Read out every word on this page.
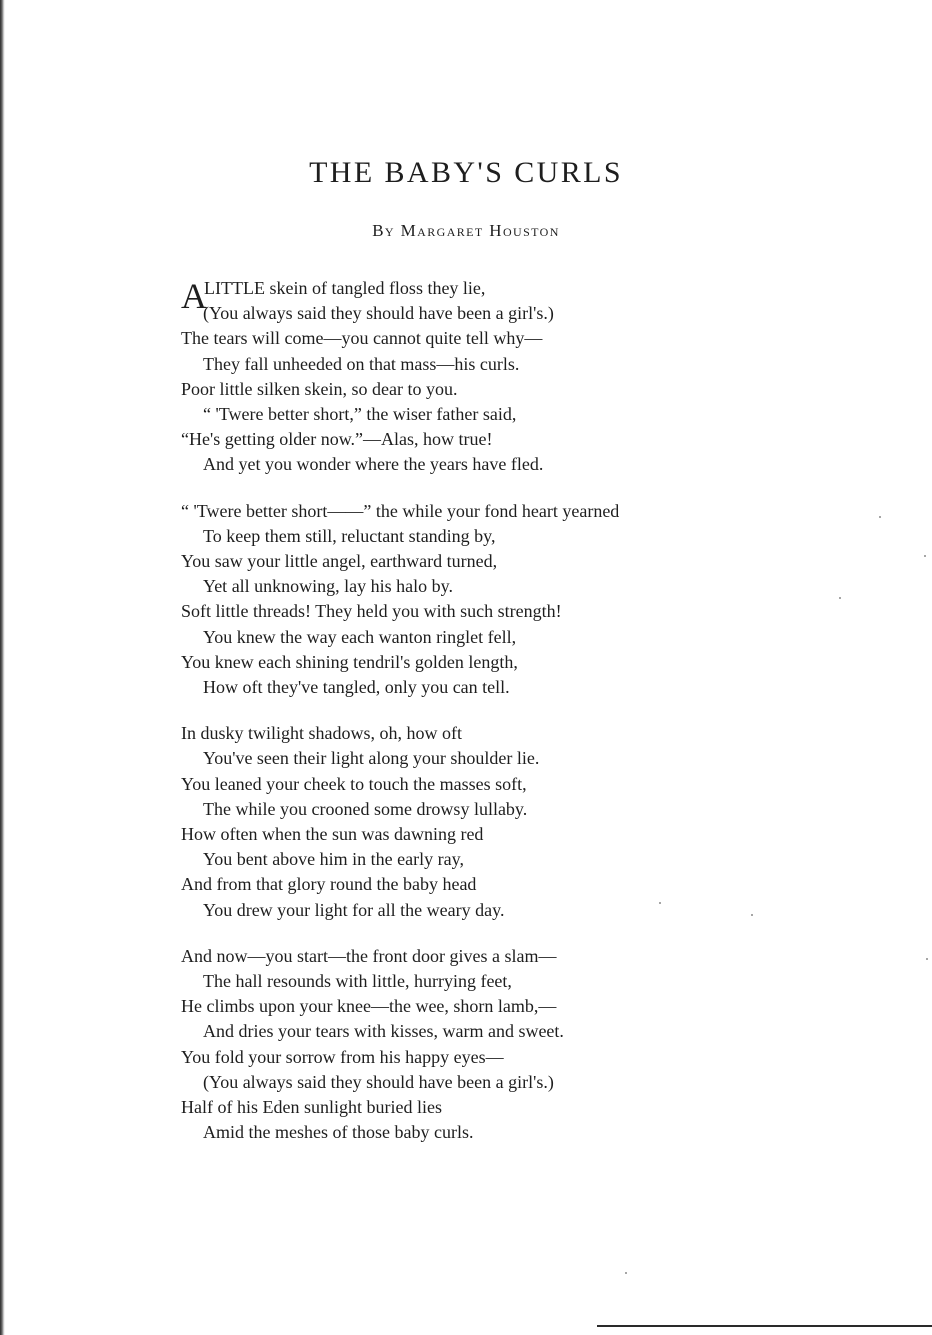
THE BABY'S CURLS
By Margaret Houston
A
LITTLE skein of tangled floss they lie,
(You always said they should have been a girl's.)
The tears will come—you cannot quite tell why—
They fall unheeded on that mass—his curls.
Poor little silken skein, so dear to you.
“ 'Twere better short,” the wiser father said,
“He's getting older now.”—Alas, how true!
And yet you wonder where the years have fled.
“ 'Twere better short——” the while your fond heart yearned
To keep them still, reluctant standing by,
You saw your little angel, earthward turned,
Yet all unknowing, lay his halo by.
Soft little threads! They held you with such strength!
You knew the way each wanton ringlet fell,
You knew each shining tendril's golden length,
How oft they've tangled, only you can tell.
In dusky twilight shadows, oh, how oft
You've seen their light along your shoulder lie.
You leaned your cheek to touch the masses soft,
The while you crooned some drowsy lullaby.
How often when the sun was dawning red
You bent above him in the early ray,
And from that glory round the baby head
You drew your light for all the weary day.
And now—you start—the front door gives a slam—
The hall resounds with little, hurrying feet,
He climbs upon your knee—the wee, shorn lamb,—
And dries your tears with kisses, warm and sweet.
You fold your sorrow from his happy eyes—
(You always said they should have been a girl's.)
Half of his Eden sunlight buried lies
Amid the meshes of those baby curls.
